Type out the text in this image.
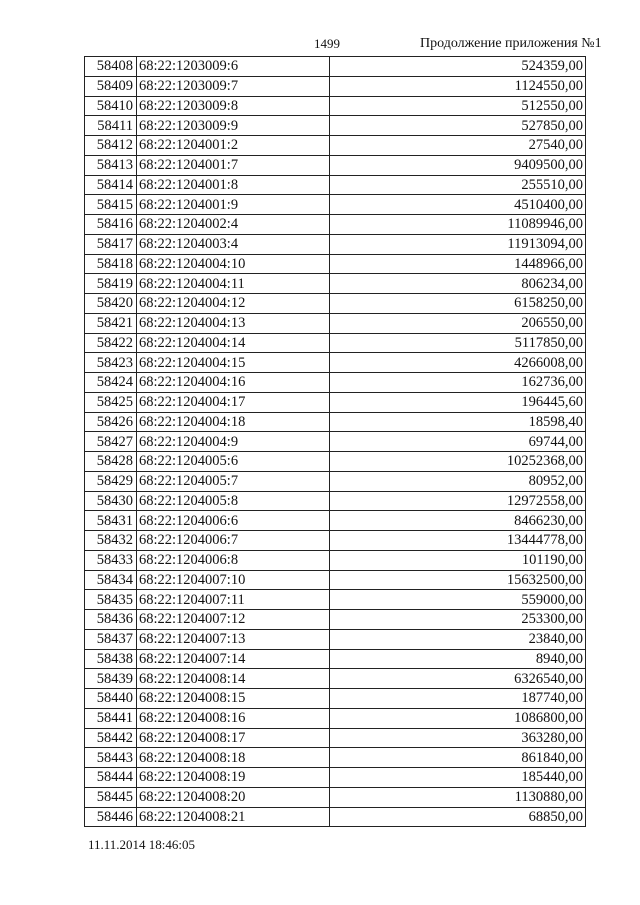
1499	Продолжение приложения №1
58408	68:22:1203009:6	524359,00
58409	68:22:1203009:7	1124550,00
58410	68:22:1203009:8	512550,00
58411	68:22:1203009:9	527850,00
58412	68:22:1204001:2	27540,00
58413	68:22:1204001:7	9409500,00
58414	68:22:1204001:8	255510,00
58415	68:22:1204001:9	4510400,00
58416	68:22:1204002:4	11089946,00
58417	68:22:1204003:4	11913094,00
58418	68:22:1204004:10	1448966,00
58419	68:22:1204004:11	806234,00
58420	68:22:1204004:12	6158250,00
58421	68:22:1204004:13	206550,00
58422	68:22:1204004:14	5117850,00
58423	68:22:1204004:15	4266008,00
58424	68:22:1204004:16	162736,00
58425	68:22:1204004:17	196445,60
58426	68:22:1204004:18	18598,40
58427	68:22:1204004:9	69744,00
58428	68:22:1204005:6	10252368,00
58429	68:22:1204005:7	80952,00
58430	68:22:1204005:8	12972558,00
58431	68:22:1204006:6	8466230,00
58432	68:22:1204006:7	13444778,00
58433	68:22:1204006:8	101190,00
58434	68:22:1204007:10	15632500,00
58435	68:22:1204007:11	559000,00
58436	68:22:1204007:12	253300,00
58437	68:22:1204007:13	23840,00
58438	68:22:1204007:14	8940,00
58439	68:22:1204008:14	6326540,00
58440	68:22:1204008:15	187740,00
58441	68:22:1204008:16	1086800,00
58442	68:22:1204008:17	363280,00
58443	68:22:1204008:18	861840,00
58444	68:22:1204008:19	185440,00
58445	68:22:1204008:20	1130880,00
58446	68:22:1204008:21	68850,00
11.11.2014 18:46:05
